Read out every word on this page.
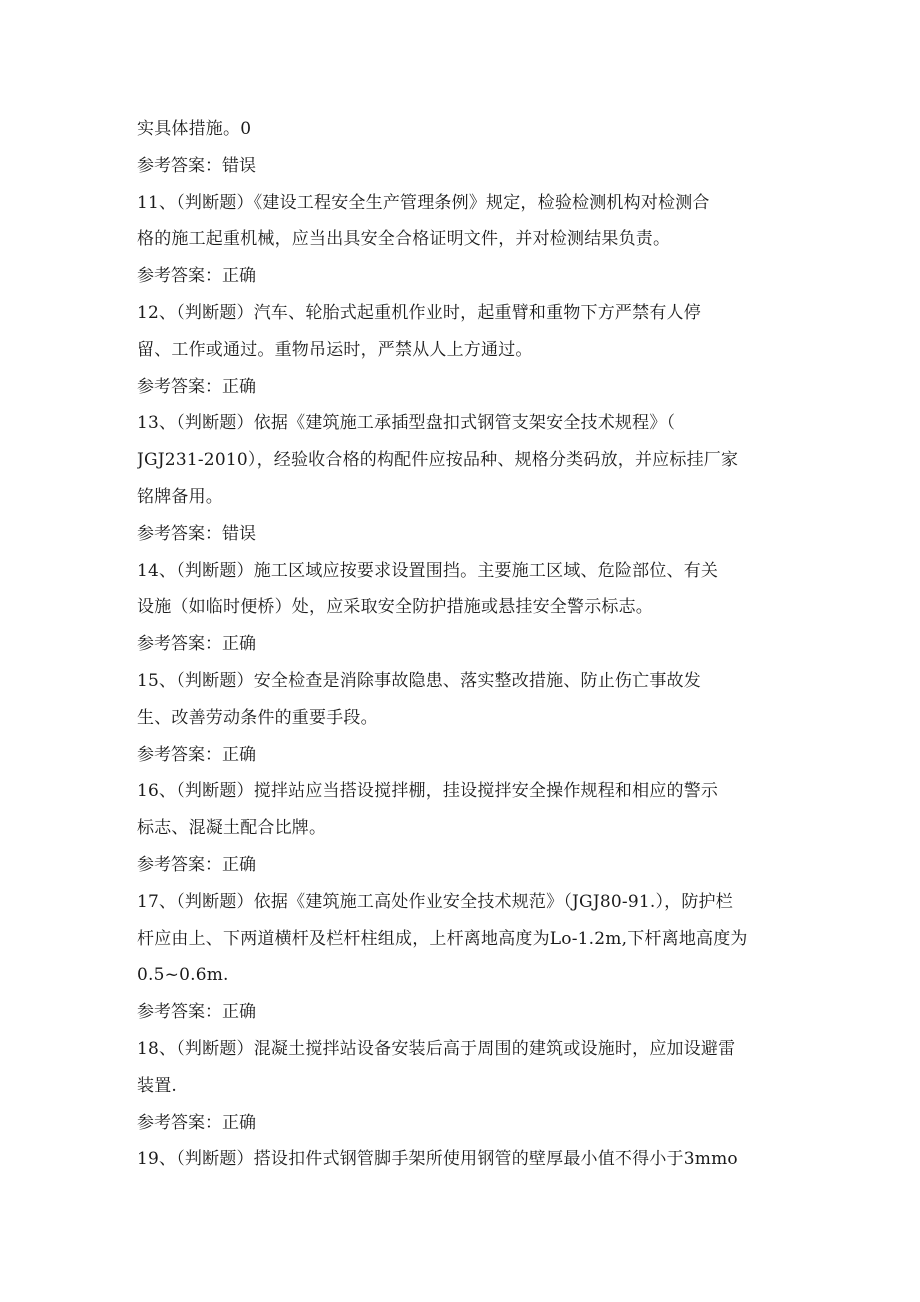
实具体措施。0
参考答案：错误
11、（判断题）《建设工程安全生产管理条例》规定，检验检测机构对检测合
格的施工起重机械，应当出具安全合格证明文件，并对检测结果负责。
参考答案：正确
12、（判断题）汽车、轮胎式起重机作业时，起重臂和重物下方严禁有人停
留、工作或通过。重物吊运时，严禁从人上方通过。
参考答案：正确
13、（判断题）依据《建筑施工承插型盘扣式钢管支架安全技术规程》（
JGJ231-2010），经验收合格的构配件应按品种、规格分类码放，并应标挂厂家
铭牌备用。
参考答案：错误
14、（判断题）施工区域应按要求设置围挡。主要施工区域、危险部位、有关
设施（如临时便桥）处，应采取安全防护措施或悬挂安全警示标志。
参考答案：正确
15、（判断题）安全检查是消除事故隐患、落实整改措施、防止伤亡事故发
生、改善劳动条件的重要手段。
参考答案：正确
16、（判断题）搅拌站应当搭设搅拌棚，挂设搅拌安全操作规程和相应的警示
标志、混凝土配合比牌。
参考答案：正确
17、（判断题）依据《建筑施工高处作业安全技术规范》（JGJ80-91.），防护栏
杆应由上、下两道横杆及栏杆柱组成，上杆离地高度为Lo-1.2m,下杆离地高度为
0.5~0.6m.
参考答案：正确
18、（判断题）混凝土搅拌站设备安装后高于周围的建筑或设施时，应加设避雷
装置.
参考答案：正确
19、（判断题）搭设扣件式钢管脚手架所使用钢管的壁厚最小值不得小于3mmo
